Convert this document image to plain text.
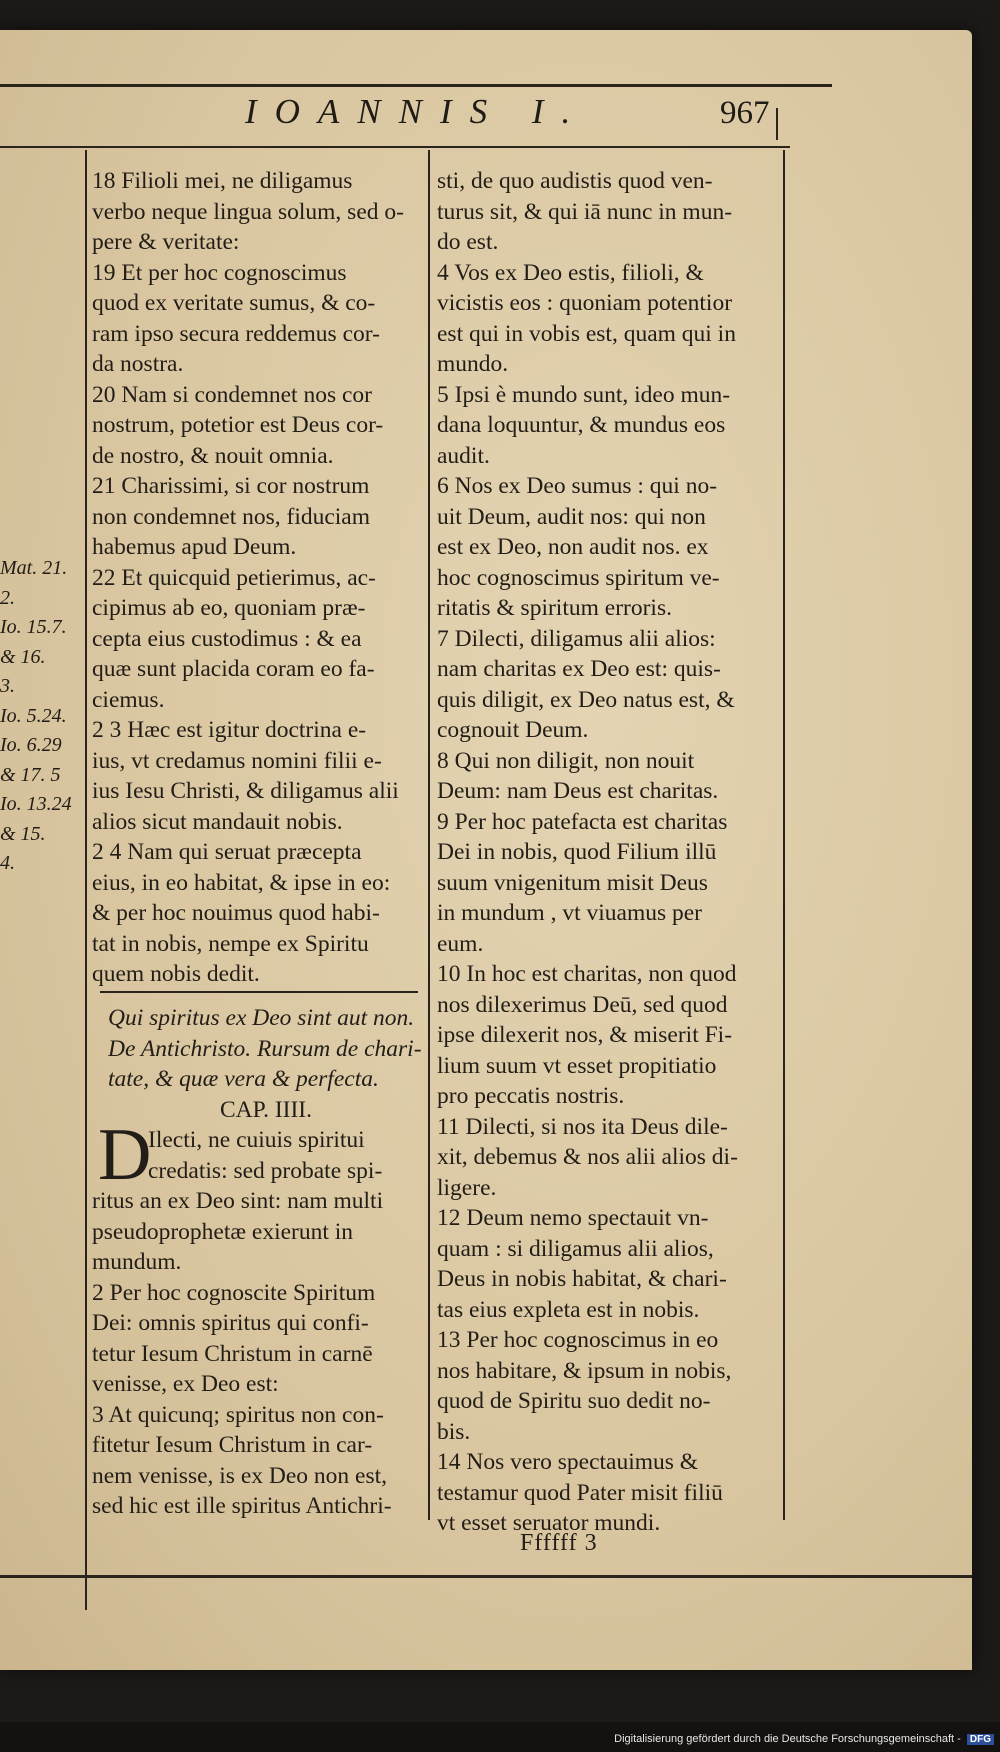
IOANNIS I.	967
18 Filioli mei, ne diligamus
verbo neque lingua solum, sed o-
pere & veritate:
19 Et per hoc cognoscimus
quod ex veritate sumus, & co-
ram ipso secura reddemus cor-
da nostra.
20 Nam si condemnet nos cor
nostrum, potetior est Deus cor-
de nostro, & nouit omnia.
21 Charissimi, si cor nostrum
non condemnet nos, fiduciam
habemus apud Deum.
22 Et quicquid petierimus, ac-
cipimus ab eo, quoniam præ-
cepta eius custodimus : & ea
quæ sunt placida coram eo fa-
ciemus.
2 3 Hæc est igitur doctrina e-
ius, vt credamus nomini filii e-
ius Iesu Christi, & diligamus alii
alios sicut mandauit nobis.
2 4 Nam qui seruat præcepta
eius, in eo habitat, & ipse in eo:
& per hoc nouimus quod habi-
tat in nobis, nempe ex Spiritu
quem nobis dedit.
Qui spiritus ex Deo sint aut non.
De Antichristo. Rursum de chari-
tate, & quæ vera & perfecta.
CAP. IIII.
D
Ilecti, ne cuiuis spiritui
credatis: sed probate spi-
ritus an ex Deo sint: nam multi
pseudoprophetæ exierunt in
mundum.
2 Per hoc cognoscite Spiritum
Dei: omnis spiritus qui confi-
tetur Iesum Christum in carnē
venisse, ex Deo est:
3 At quicunq; spiritus non con-
fitetur Iesum Christum in car-
nem venisse, is ex Deo non est,
sed hic est ille spiritus Antichri-
sti, de quo audistis quod ven-
turus sit, & qui iā nunc in mun-
do est.
4 Vos ex Deo estis, filioli, &
vicistis eos : quoniam potentior
est qui in vobis est, quam qui in
mundo.
5 Ipsi è mundo sunt, ideo mun-
dana loquuntur, & mundus eos
audit.
6 Nos ex Deo sumus : qui no-
uit Deum, audit nos: qui non
est ex Deo, non audit nos. ex
hoc cognoscimus spiritum ve-
ritatis & spiritum erroris.
7 Dilecti, diligamus alii alios:
nam charitas ex Deo est: quis-
quis diligit, ex Deo natus est, &
cognouit Deum.
8 Qui non diligit, non nouit
Deum: nam Deus est charitas.
9 Per hoc patefacta est charitas
Dei in nobis, quod Filium illū
suum vnigenitum misit Deus
in mundum , vt viuamus per
eum.
10 In hoc est charitas, non quod
nos dilexerimus Deū, sed quod
ipse dilexerit nos, & miserit Fi-
lium suum vt esset propitiatio
pro peccatis nostris.
11 Dilecti, si nos ita Deus dile-
xit, debemus & nos alii alios di-
ligere.
12 Deum nemo spectauit vn-
quam : si diligamus alii alios,
Deus in nobis habitat, & chari-
tas eius expleta est in nobis.
13 Per hoc cognoscimus in eo
nos habitare, & ipsum in nobis,
quod de Spiritu suo dedit no-
bis.
14 Nos vero spectauimus &
testamur quod Pater misit filiū
vt esset seruator mundi.
Mat. 21.
2.
Io. 15.7.
& 16.
3.
Io. 5.24.
Io. 6.29
& 17. 5
Io. 13.24
& 15.
4.
Ffffff 3
Digitalisierung gefördert durch die Deutsche Forschungsgemeinschaft - DFG
